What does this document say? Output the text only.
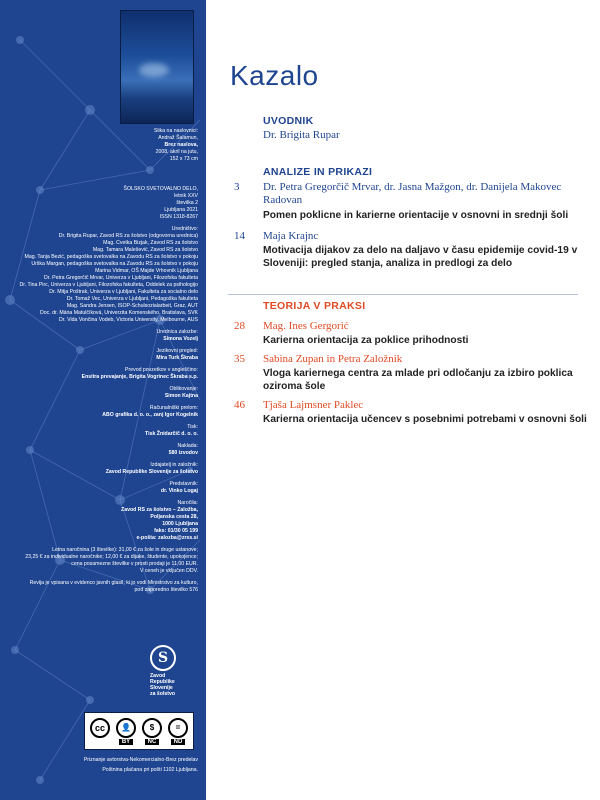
Slika na naslovnici:
Andraž Šalamun,
Brez naslova,
2008, akril na jutu,
152 x 73 cm
ŠOLSKO SVETOVALNO DELO,
letnik XXV
številka 2
Ljubljana 2021
ISSN 1318-8267
Uredništvo:
Dr. Brigita Rupar, Zavod RS za šolstvo (odgovorna urednica)
Mag. Cvetka Bizjak, Zavod RS za šolstvo
Mag. Tamara Malešević, Zavod RS za šolstvo
Mag. Tanja Bezić, pedagoška svetovalka na Zavodu RS za šolstvo v pokoju
Urška Margan, pedagoška svetovalka na Zavodu RS za šolstvo v pokoju
Marina Vidmar, OŠ Majde Vrhovnik Ljubljana
Dr. Petra Gregorčič Mrvar, Univerza v Ljubljani, Filozofska fakulteta
Dr. Tina Pirc, Univerza v Ljubljani, Filozofska fakulteta, Oddelek za psihologijo
Dr. Mitja Poštrak, Univerza v Ljubljani, Fakulteta za socialno delo
Dr. Tomaž Vec, Univerza v Ljubljani, Pedagoška fakulteta
Mag. Sandra Jensen, ISOP-Schulsozialarbeit, Graz, AUT
Doc. dr. Mária Matulčíková, Univerzita Komenského, Bratislava, SVK
Dr. Vida Vončina Vodeb, Victoria University, Melbourne, AUS
Urednica zalozbe:
Simona Vozelj
Jezikovni pregled:
Mira Turk Škraba
Prevod povzetkov v angleščino:
Ensitra prevajanje, Brigita Vogrinec Škraba s.p.
Oblikovanje:
Simon Kajtna
Računalniški prelom:
ABO grafika d. o. o., zanj Igor Kogelnik
Tisk:
Tisk Žnidarčič d. o. o.
Naklada:
580 izvodov
Izdajatelj in založnik:
Zavod Republike Slovenije za šolstvo
Predstavnik:
dr. Vinko Logaj
Naročila:
Zavod RS za šolstvo – Založba,
Poljanska cesta 28,
1000 Ljubljana
faks: 01/30 05 199
e-pošta: zalozba@zrss.si
Letna naročnina (3 številke): 31,00 € za šole in druge ustanove;
23,25 € za individualne naročnike; 12,00 € za dijake, študente, upokojence;
cena posamezne številke v prosti prodaji je 11,00 EUR.
V ceneh je vključen DDV.
Revija je vpisana v evidenco javnih glasil, ki jo vodi Ministrstvo za kulturo,
pod zaporedno številko 576
S
Zavod
Republike
Slovenije
za šolstvo
cc	👤
BY
$
NC
=
ND
Priznanje avtorstva-Nekomercialno-Brez predelav
Poštnina plačana pri pošti 1102 Ljubljana.
Kazalo
UVODNIK
Dr. Brigita Rupar
ANALIZE IN PRIKAZI
3 Dr. Petra Gregorčič Mrvar, dr. Jasna Mažgon, dr. Danijela Makovec Radovan
Pomen poklicne in karierne orientacije v osnovni in srednji šoli
14 Maja Krajnc
Motivacija dijakov za delo na daljavo v času epidemije covid-19 v Sloveniji: pregled stanja, analiza in predlogi za delo
TEORIJA V PRAKSI
28 Mag. Ines Gergorić
Karierna orientacija za poklice prihodnosti
35 Sabina Zupan in Petra Založnik
Vloga kariernega centra za mlade pri odločanju za izbiro poklica oziroma šole
46 Tjaša Lajmsner Paklec
Karierna orientacija učencev s posebnimi potrebami v osnovni šoli
